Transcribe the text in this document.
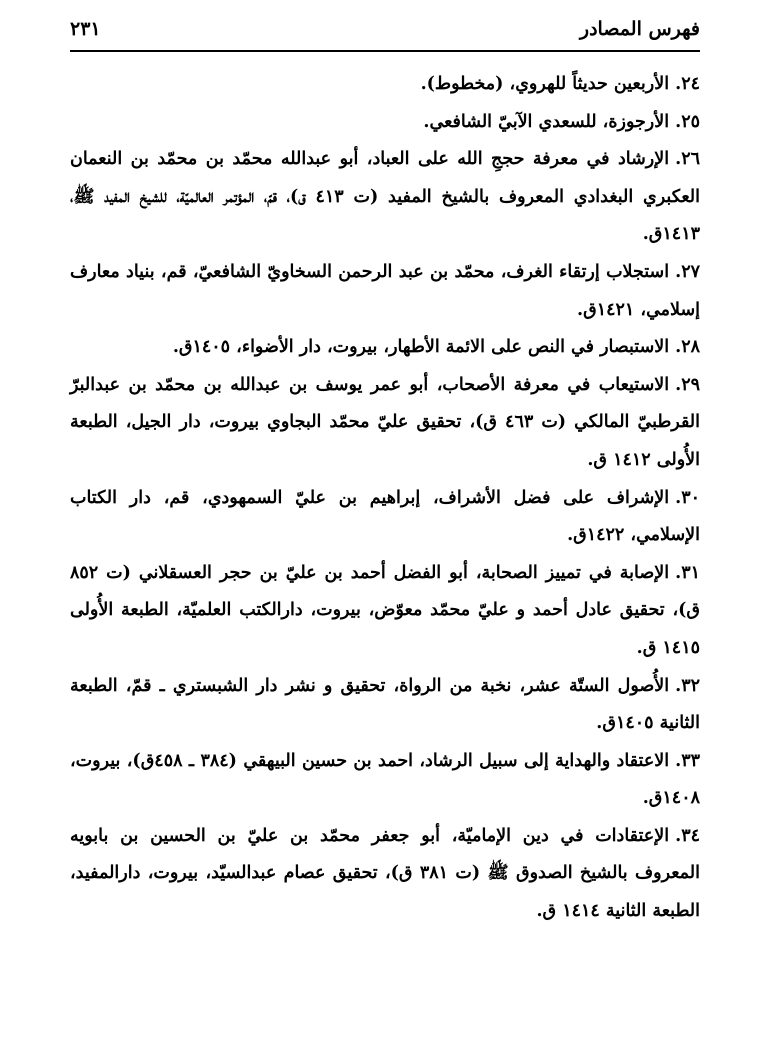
فهرس المصادر
٢٣١

٢٤.الأربعين حديثاً للهروي، (مخطوط).

٢٥.الأرجوزة، للسعدي الآبيّ الشافعي.

٢٦.الإرشاد في معرفة حججِ الله على العباد، أبو عبدالله محمّد بن محمّد بن النعمان العكبري البغدادي المعروف بالشيخ المفيد (ت ٤١٣ ق)، قمّ، المؤتمر العالميّة، للشيخ المفيد ﷺ، ١٤١٣ق.

٢٧.استجلاب إرتقاء الغرف، محمّد بن عبد الرحمن السخاويّ الشافعيّ، قم، بنياد معارف إسلامي، ١٤٢١ق.

٢٨.الاستبصار في النص على الائمة الأطهار، بيروت، دار الأضواء، ١٤٠٥ق.

٢٩.الاستيعاب في معرفة الأصحاب، أبو عمر يوسف بن عبدالله بن محمّد بن عبدالبرّ القرطبيّ المالكي (ت ٤٦٣ ق)، تحقيق عليّ محمّد البجاوي بيروت، دار الجيل، الطبعة الأُولى ١٤١٢ ق.

٣٠.الإشراف على فضل الأشراف، إبراهيم بن عليّ السمهودي، قم، دار الكتاب الإسلامي، ١٤٢٢ق.

٣١.الإصابة في تمييز الصحابة، أبو الفضل أحمد بن عليّ بن حجر العسقلاني (ت ٨٥٢ ق)، تحقيق عادل أحمد و عليّ محمّد معوّض، بيروت، دارالكتب العلميّة، الطبعة الأُولى ١٤١٥ ق.

٣٢.الأُصول الستّة عشر، نخبة من الرواة، تحقيق و نشر دار الشبستري ـ قمّ، الطبعة الثانية ١٤٠٥ق.

٣٣.الاعتقاد والهداية إلى سبيل الرشاد، احمد بن حسين البيهقي (٣٨٤ ـ ٤٥٨ق)، بيروت، ١٤٠٨ق.

٣٤.الإعتقادات في دين الإماميّة، أبو جعفر محمّد بن عليّ بن الحسين بن بابويه المعروف بالشيخ الصدوق ﷺ (ت ٣٨١ ق)، تحقيق عصام عبدالسيّد، بيروت، دارالمفيد، الطبعة الثانية ١٤١٤ ق.
